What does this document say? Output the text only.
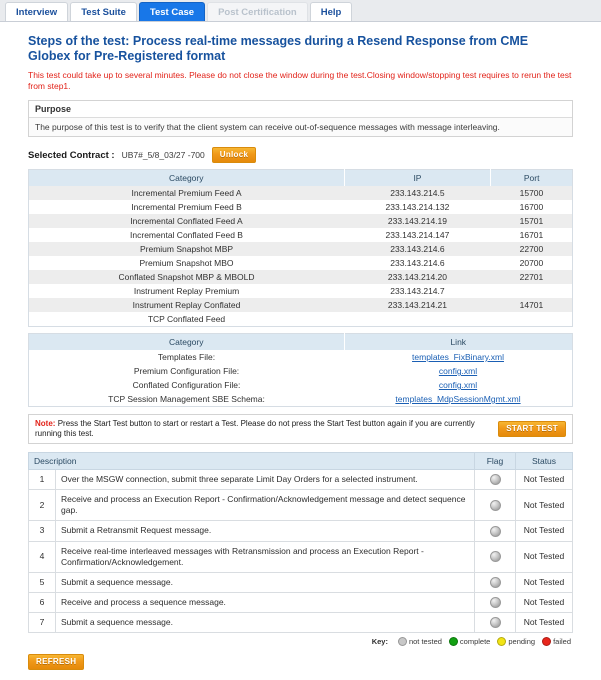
Interview	Test Suite	Test Case	Post Certification	Help
Steps of the test: Process real-time messages during a Resend Response from CME Globex for Pre-Registered format
This test could take up to several minutes. Please do not close the window during the test.Closing window/stopping test requires to rerun the test from step1.
Purpose
The purpose of this test is to verify that the client system can receive out-of-sequence messages with message interleaving.
Selected Contract : UB7#_5/8_03/27 -700	Unlock
Category	IP	Port
Incremental Premium Feed A	233.143.214.5	15700
Incremental Premium Feed B	233.143.214.132	16700
Incremental Conflated Feed A	233.143.214.19	15701
Incremental Conflated Feed B	233.143.214.147	16701
Premium Snapshot MBP	233.143.214.6	22700
Premium Snapshot MBO	233.143.214.6	20700
Conflated Snapshot MBP & MBOLD	233.143.214.20	22701
Instrument Replay Premium	233.143.214.7	
Instrument Replay Conflated	233.143.214.21	14701
TCP Conflated Feed		
Category	Link
Templates File:	templates_FixBinary.xml
Premium Configuration File:	config.xml
Conflated Configuration File:	config.xml
TCP Session Management SBE Schema:	templates_MdpSessionMgmt.xml
Note: Press the Start Test button to start or restart a Test. Please do not press the Start Test button again if you are currently running this test.
START TEST
Description		Flag	Status
1	Over the MSGW connection, submit three separate Limit Day Orders for a selected instrument.		Not Tested
2	Receive and process an Execution Report - Confirmation/Acknowledgement message and detect sequence gap.		Not Tested
3	Submit a Retransmit Request message.		Not Tested
4	Receive real-time interleaved messages with Retransmission and process an Execution Report - Confirmation/Acknowledgement.		Not Tested
5	Submit a sequence message.		Not Tested
6	Receive and process a sequence message.		Not Tested
7	Submit a sequence message.		Not Tested
Key:	not tested complete pending failed
REFRESH
